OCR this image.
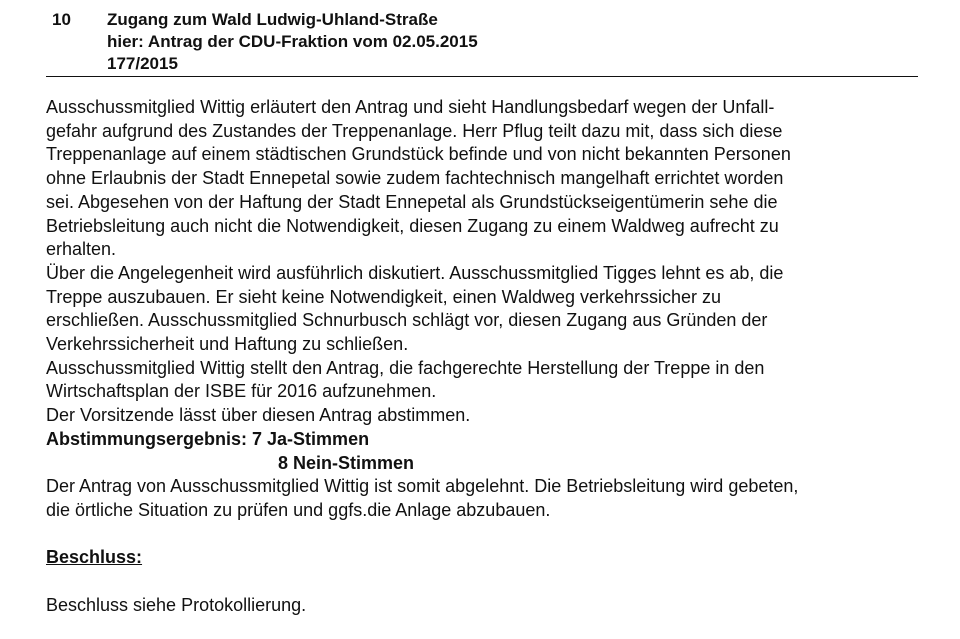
10 Zugang zum Wald Ludwig-Uhland-Straße
hier: Antrag der CDU-Fraktion vom 02.05.2015
177/2015
Ausschussmitglied Wittig erläutert den Antrag und sieht Handlungsbedarf wegen der Unfall-
gefahr aufgrund des Zustandes der Treppenanlage. Herr Pflug teilt dazu mit, dass sich diese
Treppenanlage auf einem städtischen Grundstück befinde und von nicht bekannten Personen
ohne Erlaubnis der Stadt Ennepetal sowie zudem fachtechnisch mangelhaft errichtet worden
sei. Abgesehen von der Haftung der Stadt Ennepetal als Grundstückseigentümerin sehe die
Betriebsleitung auch nicht die Notwendigkeit, diesen Zugang zu einem Waldweg aufrecht zu
erhalten.
Über die Angelegenheit wird ausführlich diskutiert. Ausschussmitglied Tigges lehnt es ab, die
Treppe auszubauen. Er sieht keine Notwendigkeit, einen Waldweg verkehrssicher zu
erschließen. Ausschussmitglied Schnurbusch schlägt vor, diesen Zugang aus Gründen der
Verkehrssicherheit und Haftung zu schließen.
Ausschussmitglied Wittig stellt den Antrag, die fachgerechte Herstellung der Treppe in den
Wirtschaftsplan der ISBE für 2016 aufzunehmen.
Der Vorsitzende lässt über diesen Antrag abstimmen.
Abstimmungsergebnis: 7 Ja-Stimmen
8 Nein-Stimmen
Der Antrag von Ausschussmitglied Wittig ist somit abgelehnt. Die Betriebsleitung wird gebeten,
die örtliche Situation zu prüfen und ggfs.die Anlage abzubauen.
Beschluss:
Beschluss siehe Protokollierung.
